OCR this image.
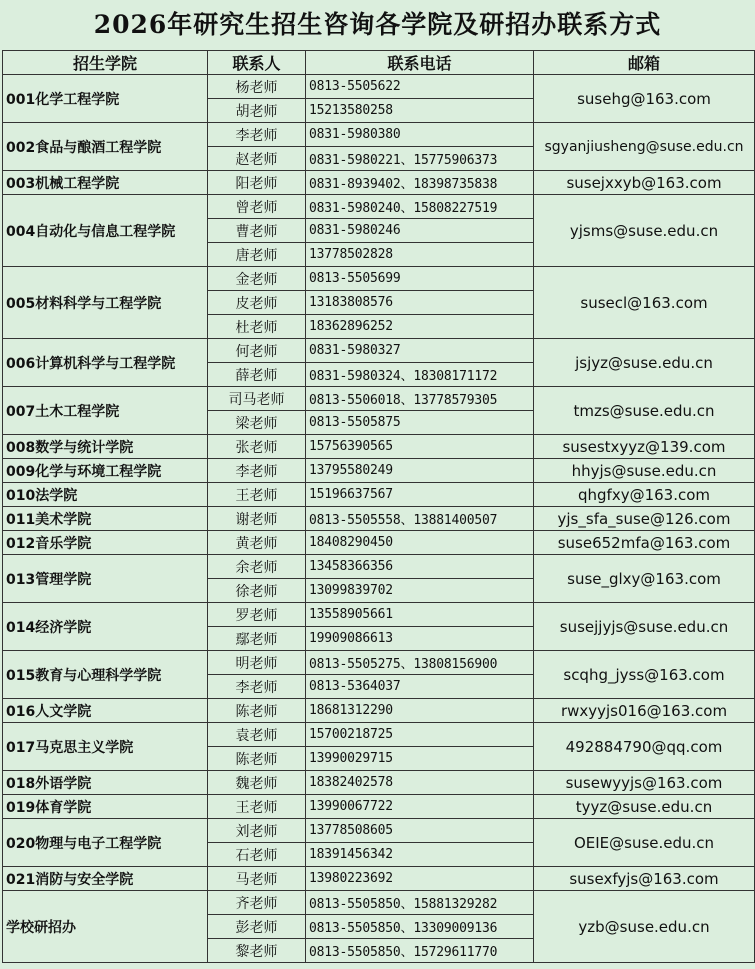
2026年研究生招生咨询各学院及研招办联系方式
招生学院	联系人	联系电话	邮箱
001化学工程学院	杨老师	0813-5505622	susehg@163.com
	胡老师	15213580258	
002食品与酿酒工程学院	李老师	0831-5980380	sgyanjiusheng@suse.edu.cn
	赵老师	0831-5980221、15775906373	
003机械工程学院	阳老师	0831-8939402、18398735838	susejxxyb@163.com
004自动化与信息工程学院	曾老师	0831-5980240、15808227519	yjsms@suse.edu.cn
	曹老师	0831-5980246	
	唐老师	13778502828	
005材料科学与工程学院	金老师	0813-5505699	susecl@163.com
	皮老师	13183808576	
	杜老师	18362896252	
006计算机科学与工程学院	何老师	0831-5980327	jsjyz@suse.edu.cn
	薛老师	0831-5980324、18308171172	
007土木工程学院	司马老师	0813-5506018、13778579305	tmzs@suse.edu.cn
	梁老师	0813-5505875	
008数学与统计学院	张老师	15756390565	susestxyyz@139.com
009化学与环境工程学院	李老师	13795580249	hhyjs@suse.edu.cn
010法学院	王老师	15196637567	qhgfxy@163.com
011美术学院	谢老师	0813-5505558、13881400507	yjs_sfa_suse@126.com
012音乐学院	黄老师	18408290450	suse652mfa@163.com
013管理学院	余老师	13458366356	suse_glxy@163.com
	徐老师	13099839702	
014经济学院	罗老师	13558905661	susejjyjs@suse.edu.cn
	鄢老师	19909086613	
015教育与心理科学学院	明老师	0813-5505275、13808156900	scqhg_jyss@163.com
	李老师	0813-5364037	
016人文学院	陈老师	18681312290	rwxyyjs016@163.com
017马克思主义学院	袁老师	15700218725	492884790@qq.com
	陈老师	13990029715	
018外语学院	魏老师	18382402578	susewyyjs@163.com
019体育学院	王老师	13990067722	tyyz@suse.edu.cn
020物理与电子工程学院	刘老师	13778508605	OEIE@suse.edu.cn
	石老师	18391456342	
021消防与安全学院	马老师	13980223692	susexfyjs@163.com
学校研招办	齐老师	0813-5505850、15881329282	yzb@suse.edu.cn
	彭老师	0813-5505850、13309009136	
	黎老师	0813-5505850、15729611770	
